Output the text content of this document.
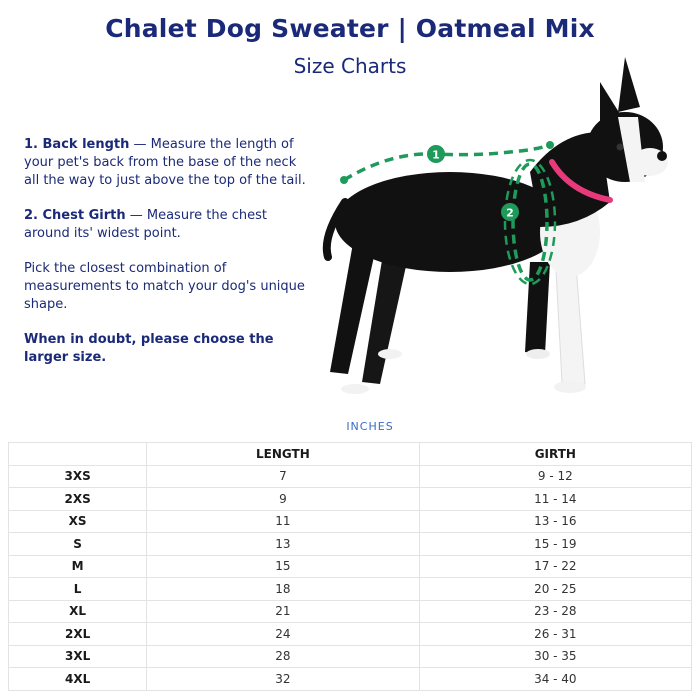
Chalet Dog Sweater | Oatmeal Mix
Size Charts

1. Back length — Measure the length of your pet's back from the base of the neck all the way to just above the top of the tail.

2. Chest Girth — Measure the chest around its' widest point.

Pick the closest combination of measurements to match your dog's unique shape.

When in doubt, please choose the larger size.

1
2
INCHES
	LENGTH	GIRTH
3XS	7	9 - 12
2XS	9	11 - 14
XS	11	13 - 16
S	13	15 - 19
M	15	17 - 22
L	18	20 - 25
XL	21	23 - 28
2XL	24	26 - 31
3XL	28	30 - 35
4XL	32	34 - 40
